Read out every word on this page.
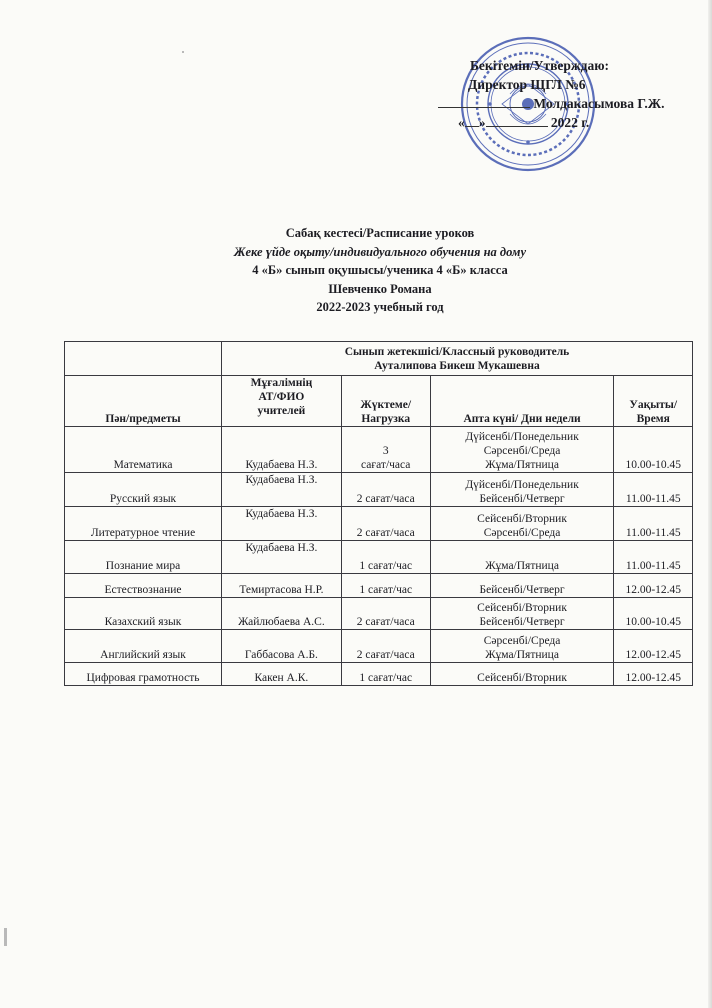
Бекітемін/Утверждаю:
Директор ЩГЛ №6
Молдакасымова Г.Ж.
« »	2022 г.
Сабақ кестесі/Расписание уроков
Жеке үйде оқыту/индивидуального обучения на дому
4 «Б» сынып оқушысы/ученика 4 «Б» класса
Шевченко Романа
2022-2023 учебный год

	Сынып жетекшісі/Классный руководитель
Ауталипова Бикеш Мукашевна			

Пән/предметы	Мұғалімнің
АТ/ФИО
учителей	Жүктеме/
Нагрузка	Апта күні/ Дни недели	Уақыты/
Время

Математика	Кудабаева Н.З.	3
сағат/часа	Дүйсенбі/Понедельник
Сәрсенбі/Среда
Жұма/Пятница	10.00-10.45
Русский язык	Кудабаева Н.З.	2 сағат/часа	Дүйсенбі/Понедельник
Бейсенбі/Четверг	11.00-11.45
Литературное чтение	Кудабаева Н.З.	2 сағат/часа	Сейсенбі/Вторник
Сәрсенбі/Среда	11.00-11.45
Познание мира	Кудабаева Н.З.	1 сағат/час	Жұма/Пятница	11.00-11.45
Естествознание	Темиртасова Н.Р.	1 сағат/час	Бейсенбі/Четверг	12.00-12.45
Казахский язык	Жайлюбаева А.С.	2 сағат/часа	Сейсенбі/Вторник
Бейсенбі/Четверг	10.00-10.45
Английский язык	Габбасова А.Б.	2 сағат/часа	Сәрсенбі/Среда
Жұма/Пятница	12.00-12.45
Цифровая грамотность	Какен А.К.	1 сағат/час	Сейсенбі/Вторник	12.00-12.45
